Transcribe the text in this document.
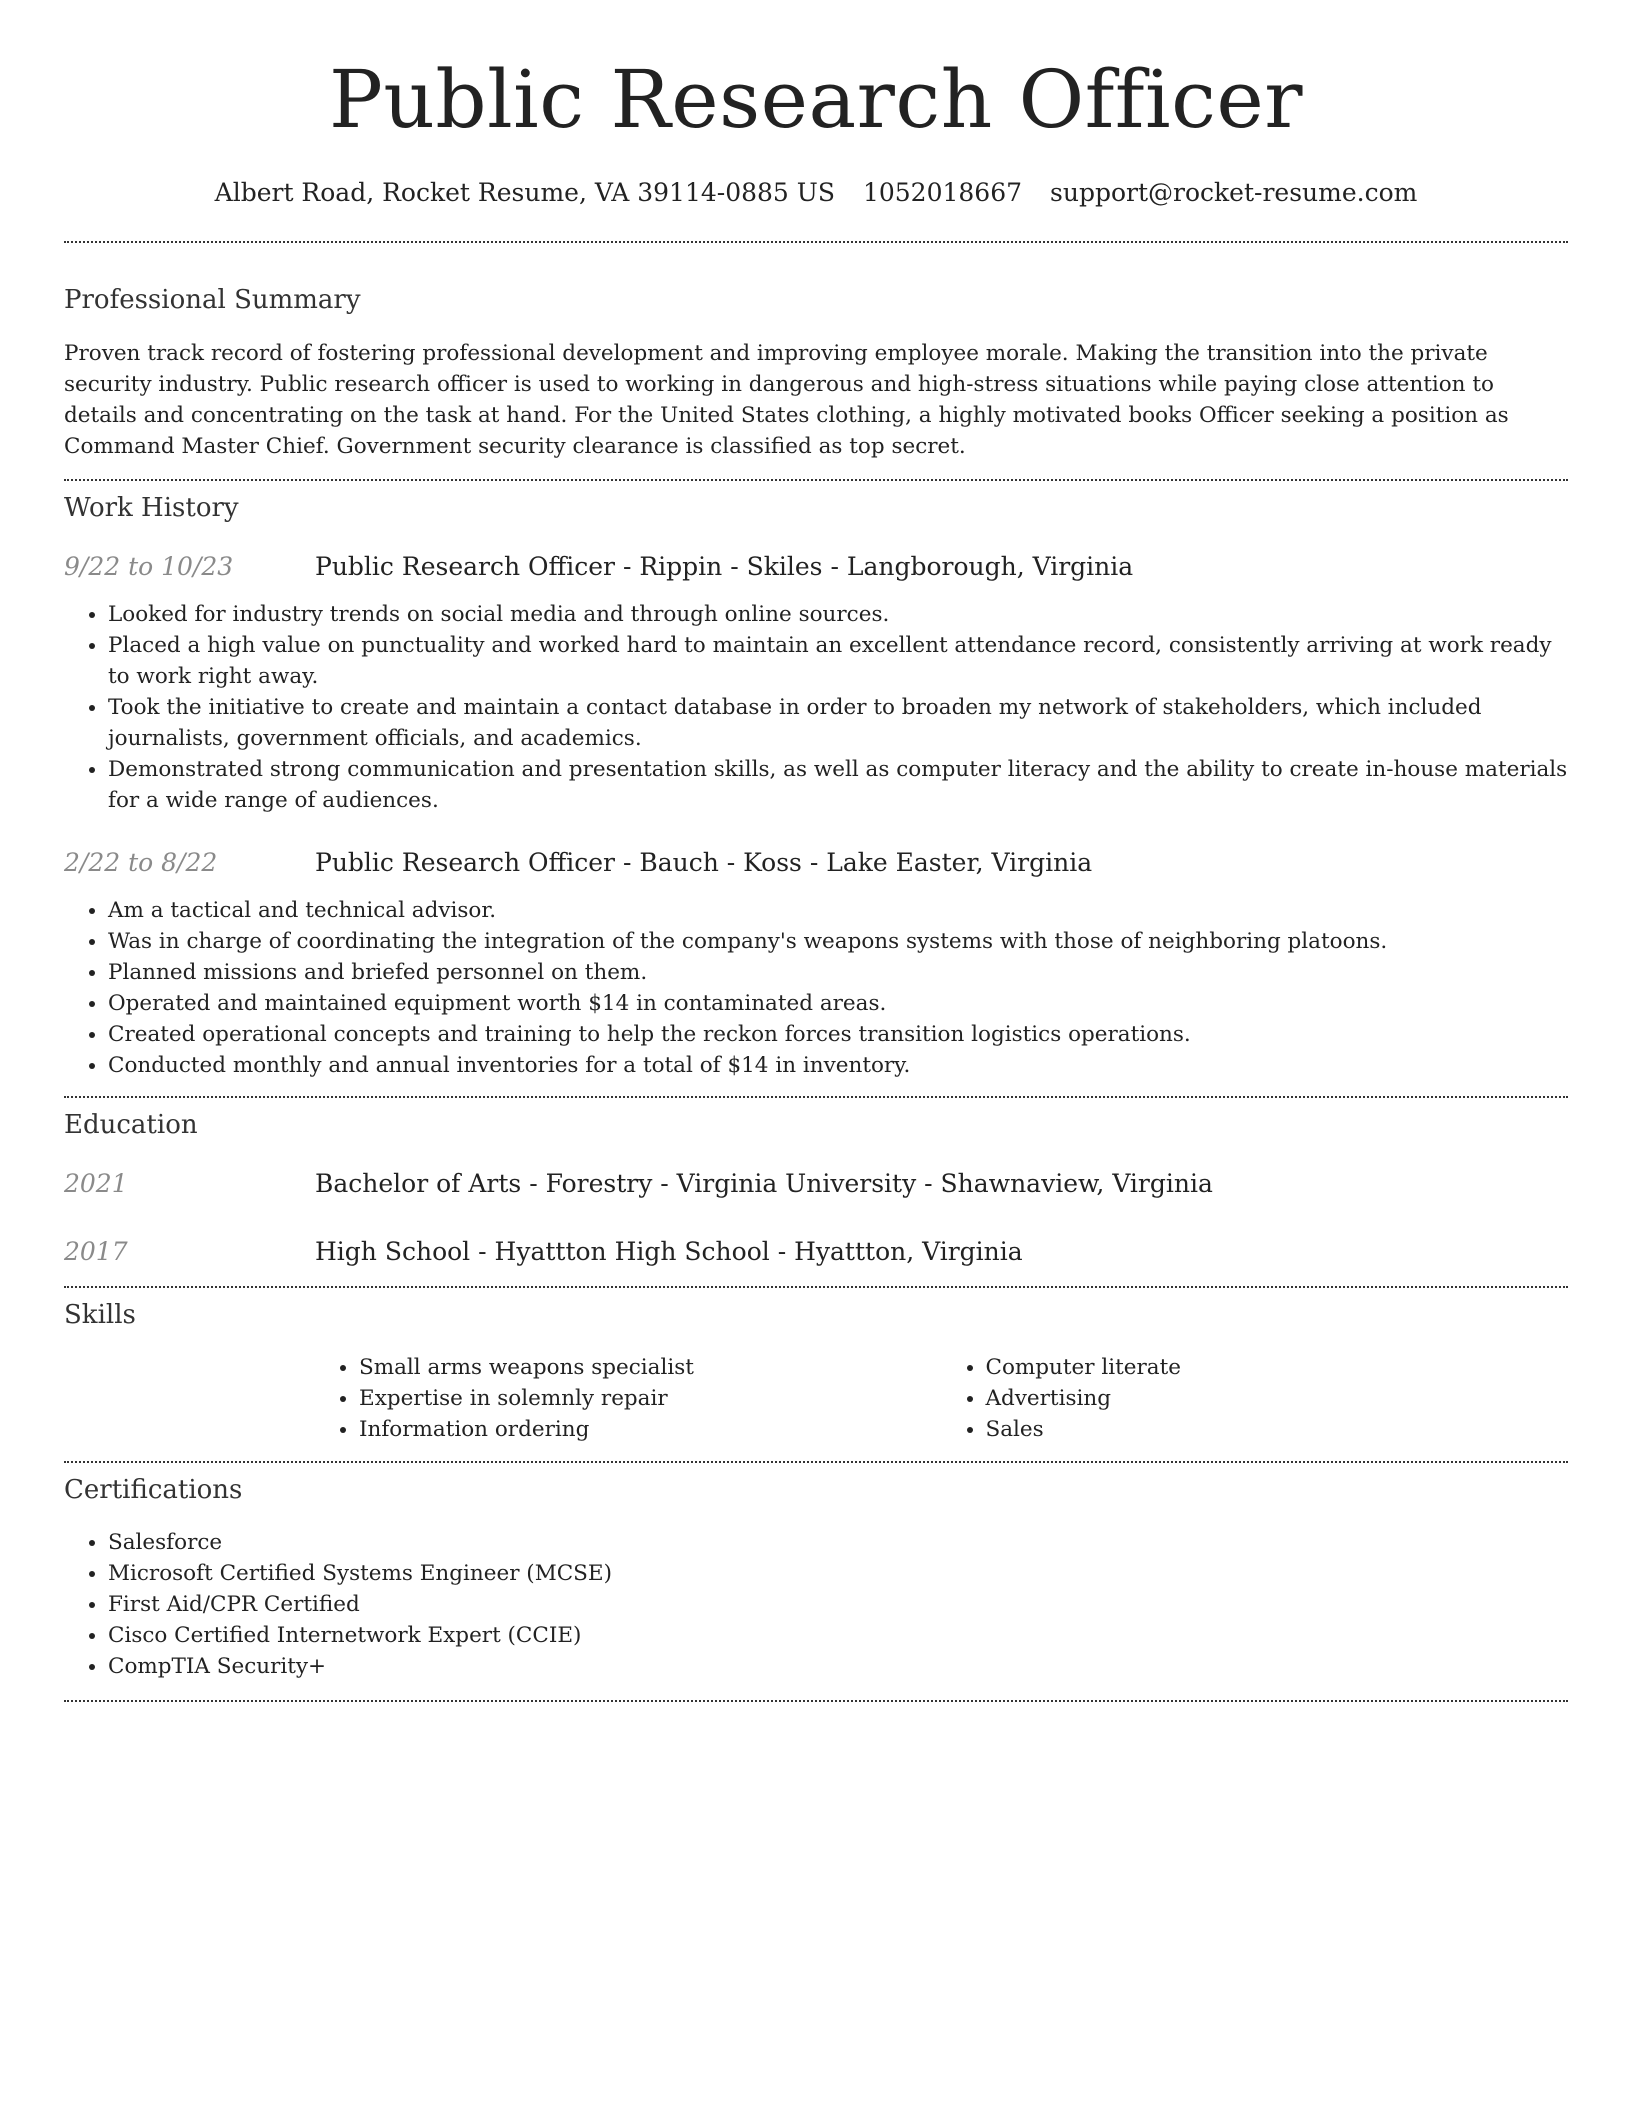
Public Research Officer
Albert Road, Rocket Resume, VA 39114-0885 US 1052018667 support@rocket-resume.com
Professional Summary

Proven track record of fostering professional development and improving employee morale. Making the transition into the private security industry. Public research officer is used to working in dangerous and high-stress situations while paying close attention to details and concentrating on the task at hand. For the United States clothing, a highly motivated books Officer seeking a position as Command Master Chief. Government security clearance is classified as top secret.

Work History
9/22 to 10/23	Public Research Officer - Rippin - Skiles - Langborough, Virginia
• Looked for industry trends on social media and through online sources.
• Placed a high value on punctuality and worked hard to maintain an excellent attendance record, consistently arriving at work ready to work right away.
• Took the initiative to create and maintain a contact database in order to broaden my network of stakeholders, which included journalists, government officials, and academics.
• Demonstrated strong communication and presentation skills, as well as computer literacy and the ability to create in-house materials for a wide range of audiences.
2/22 to 8/22	Public Research Officer - Bauch - Koss - Lake Easter, Virginia
• Am a tactical and technical advisor.
• Was in charge of coordinating the integration of the company's weapons systems with those of neighboring platoons.
• Planned missions and briefed personnel on them.
• Operated and maintained equipment worth $14 in contaminated areas.
• Created operational concepts and training to help the reckon forces transition logistics operations.
• Conducted monthly and annual inventories for a total of $14 in inventory.
Education
2021	Bachelor of Arts - Forestry - Virginia University - Shawnaview, Virginia
2017	High School - Hyattton High School - Hyattton, Virginia
Skills
• Small arms weapons specialist
• Expertise in solemnly repair
• Information ordering
• Computer literate
• Advertising
• Sales
Certifications
• Salesforce
• Microsoft Certified Systems Engineer (MCSE)
• First Aid/CPR Certified
• Cisco Certified Internetwork Expert (CCIE)
• CompTIA Security+
